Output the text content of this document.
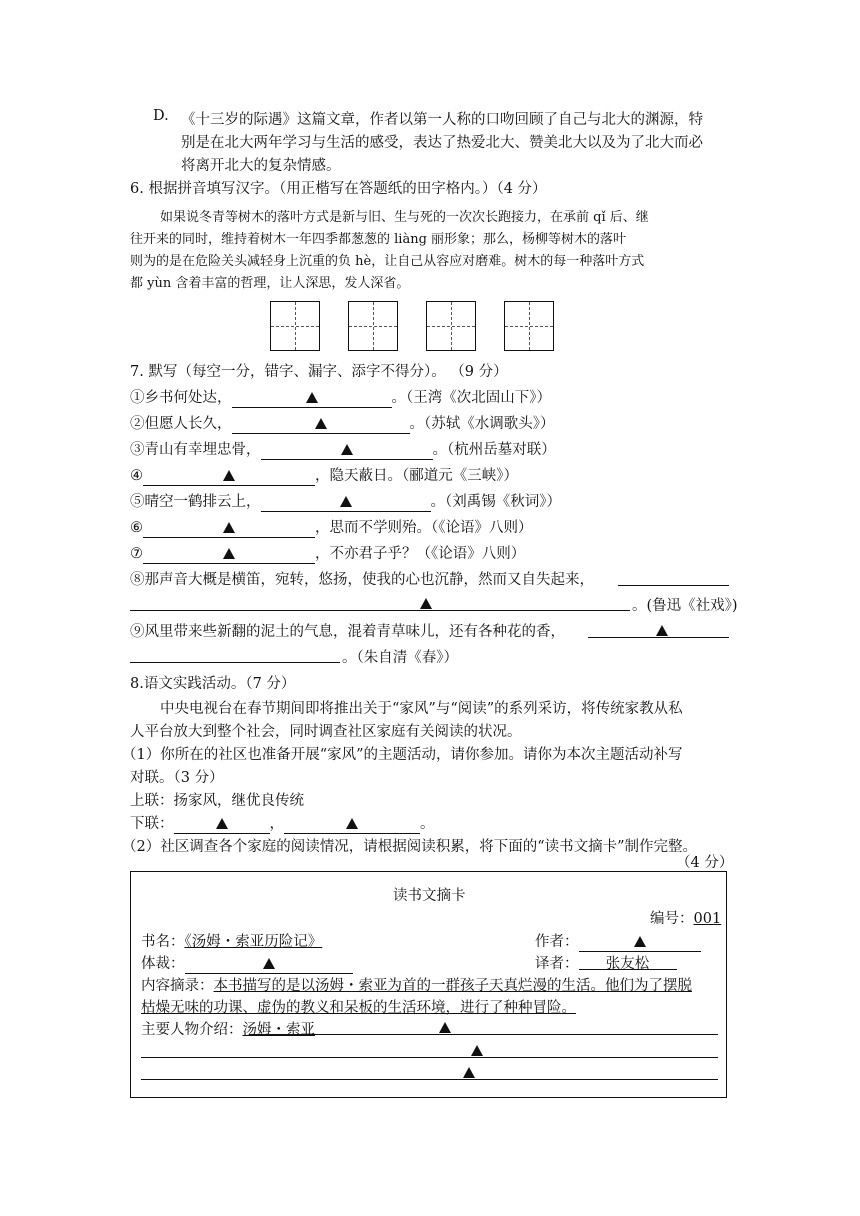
D. 《十三岁的际遇》这篇文章，作者以第一人称的口吻回顾了自己与北大的渊源，特
别是在北大两年学习与生活的感受，表达了热爱北大、赞美北大以及为了北大而必
将离开北大的复杂情感。
6. 根据拼音填写汉字。（用正楷写在答题纸的田字格内。）（4 分）
如果说冬青等树木的落叶方式是新与旧、生与死的一次次长跑接力，在承前 qǐ 后、继
往开来的同时，维持着树木一年四季都葱葱的 liàng 丽形象；那么，杨柳等树木的落叶
则为的是在危险关头减轻身上沉重的负 hè，让自己从容应对磨难。树木的每一种落叶方式
都 yùn 含着丰富的哲理，让人深思，发人深省。
7. 默写（每空一分，错字、漏字、添字不得分）。 （9 分）
①乡书何处达，	。（王湾《次北固山下》）
②但愿人长久，	。（苏轼《水调歌头》）
③青山有幸埋忠骨，	。（杭州岳墓对联）
④	，隐天蔽日。（郦道元《三峡》）
⑤晴空一鹤排云上，	。（刘禹锡《秋词》）
⑥	，思而不学则殆。（《论语》八则）
⑦	，不亦君子乎？（《论语》八则）
⑧那声音大概是横笛，宛转，悠扬，使我的心也沉静，然而又自失起来，

。(鲁迅《社戏》)
⑨风里带来些新翻的泥土的气息，混着青草味儿，还有各种花的香，
。（朱自清《春》）
8.语文实践活动。（7 分）
中央电视台在春节期间即将推出关于“家风”与“阅读”的系列采访，将传统家教从私
人平台放大到整个社会，同时调查社区家庭有关阅读的状况。
（1）你所在的社区也准备开展“家风”的主题活动，请你参加。请你为本次主题活动补写
对联。（3 分）
上联：扬家风，继优良传统
下联：	，	。
（2）社区调查各个家庭的阅读情况，请根据阅读积累，将下面的“读书文摘卡”制作完整。
（4 分）
读书文摘卡
编号：001
书名：《汤姆・索亚历险记》	作者：
体裁：	译者： 张友松
内容摘录：本书描写的是以汤姆・索亚为首的一群孩子天真烂漫的生活。他们为了摆脱
枯燥无味的功课、虚伪的教义和呆板的生活环境，进行了种种冒险。
主要人物介绍：汤姆・索亚
